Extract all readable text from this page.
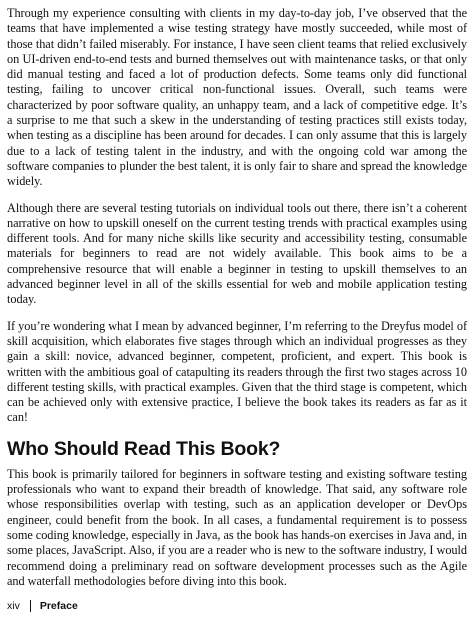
Through my experience consulting with clients in my day-to-day job, I’ve observed that the teams that have implemented a wise testing strategy have mostly succeeded, while most of those that didn’t failed miserably. For instance, I have seen client teams that relied exclusively on UI-driven end-to-end tests and burned themselves out with maintenance tasks, or that only did manual testing and faced a lot of production defects. Some teams only did functional testing, failing to uncover critical non-functional issues. Overall, such teams were characterized by poor software quality, an unhappy team, and a lack of competitive edge. It’s a surprise to me that such a skew in the understanding of testing practices still exists today, when testing as a discipline has been around for decades. I can only assume that this is largely due to a lack of testing talent in the industry, and with the ongoing cold war among the software companies to plunder the best talent, it is only fair to share and spread the knowledge widely.

Although there are several testing tutorials on individual tools out there, there isn’t a coherent narrative on how to upskill oneself on the current testing trends with practical examples using different tools. And for many niche skills like security and accessibility testing, consumable materials for beginners to read are not widely available. This book aims to be a comprehensive resource that will enable a beginner in testing to upskill themselves to an advanced beginner level in all of the skills essential for web and mobile application testing today.

If you’re wondering what I mean by advanced beginner, I’m referring to the Dreyfus model of skill acquisition, which elaborates five stages through which an individual progresses as they gain a skill: novice, advanced beginner, competent, proficient, and expert. This book is written with the ambitious goal of catapulting its readers through the first two stages across 10 different testing skills, with practical examples. Given that the third stage is competent, which can be achieved only with extensive practice, I believe the book takes its readers as far as it can!

Who Should Read This Book?

This book is primarily tailored for beginners in software testing and existing software testing professionals who want to expand their breadth of knowledge. That said, any software role whose responsibilities overlap with testing, such as an application developer or DevOps engineer, could benefit from the book. In all cases, a fundamental requirement is to possess some coding knowledge, especially in Java, as the book has hands-on exercises in Java and, in some places, JavaScript. Also, if you are a reader who is new to the software industry, I would recommend doing a preliminary read on software development processes such as the Agile and waterfall methodologies before diving into this book.

xiv Preface
